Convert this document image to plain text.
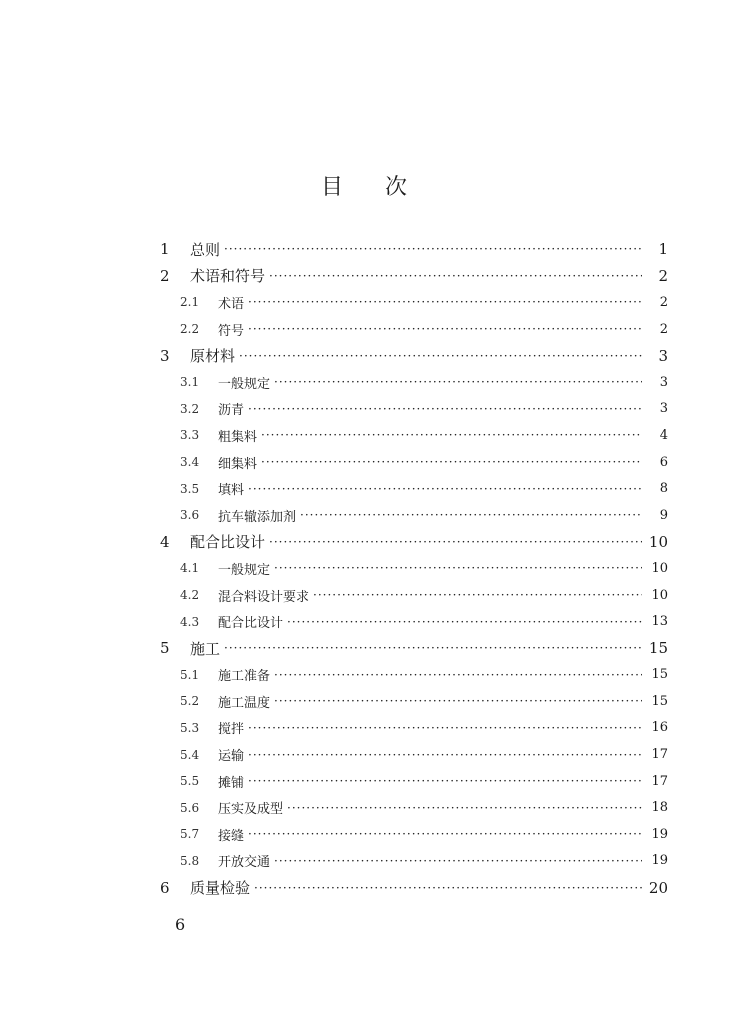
目 次
1	总则 ·····	1
2	术语和符号 ·····	2
2.1	术语 ·····	2
2.2	符号 ·····	2
3	原材料 ·····	3
3.1	一般规定 ·····	3
3.2	沥青 ·····	3
3.3	粗集料 ·····	4
3.4	细集料 ·····	6
3.5	填料 ·····	8
3.6	抗车辙添加剂 ·····	9
4	配合比设计 ·····	10
4.1	一般规定 ·····	10
4.2	混合料设计要求 ·····	10
4.3	配合比设计 ·····	13
5	施工 ·····	15
5.1	施工准备 ·····	15
5.2	施工温度 ·····	15
5.3	搅拌 ·····	16
5.4	运输 ·····	17
5.5	摊铺 ·····	17
5.6	压实及成型 ·····	18
5.7	接缝 ·····	19
5.8	开放交通 ·····	19
6	质量检验 ·····	20
6
